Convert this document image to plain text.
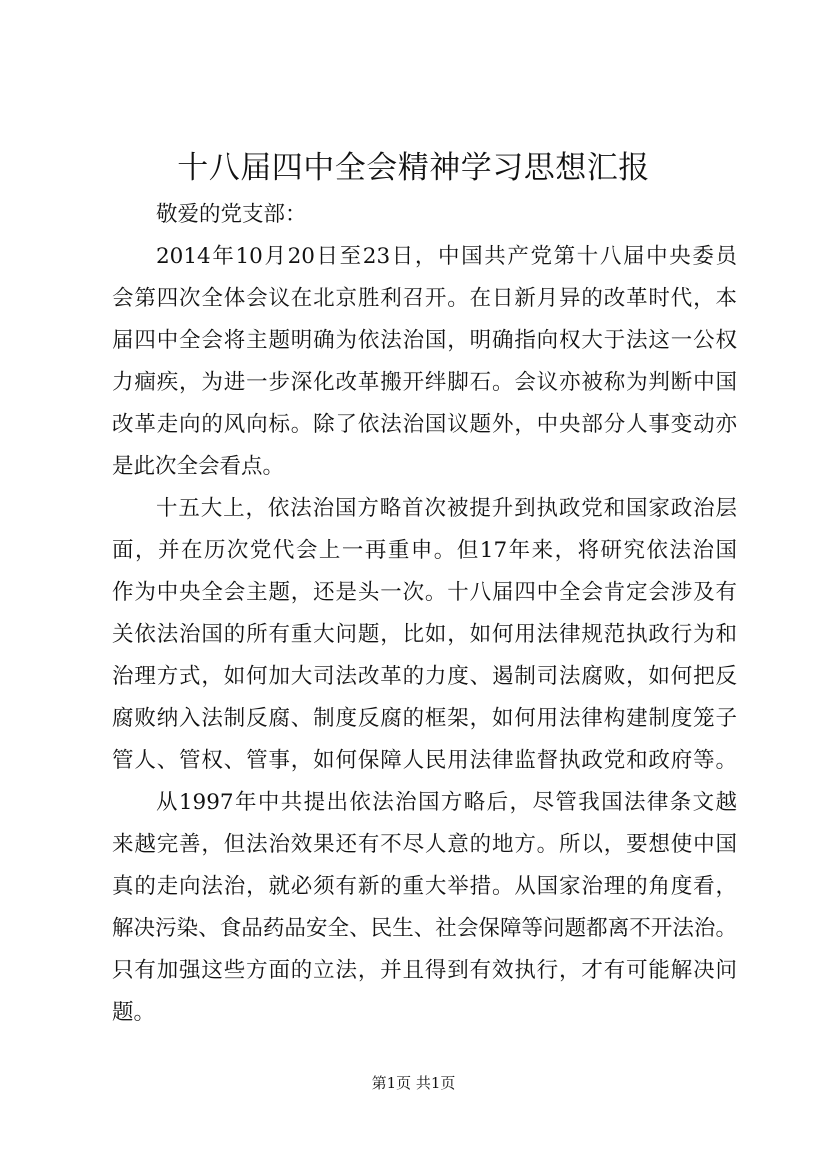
十八届四中全会精神学习思想汇报
敬爱的党支部：
2014年10月20日至23日，中国共产党第十八届中央委员
会第四次全体会议在北京胜利召开。在日新月异的改革时代，本
届四中全会将主题明确为依法治国，明确指向权大于法这一公权
力痼疾，为进一步深化改革搬开绊脚石。会议亦被称为判断中国
改革走向的风向标。除了依法治国议题外，中央部分人事变动亦
是此次全会看点。
十五大上，依法治国方略首次被提升到执政党和国家政治层
面，并在历次党代会上一再重申。但17年来，将研究依法治国
作为中央全会主题，还是头一次。十八届四中全会肯定会涉及有
关依法治国的所有重大问题，比如，如何用法律规范执政行为和
治理方式，如何加大司法改革的力度、遏制司法腐败，如何把反
腐败纳入法制反腐、制度反腐的框架，如何用法律构建制度笼子
管人、管权、管事，如何保障人民用法律监督执政党和政府等。
从1997年中共提出依法治国方略后，尽管我国法律条文越
来越完善，但法治效果还有不尽人意的地方。所以，要想使中国
真的走向法治，就必须有新的重大举措。从国家治理的角度看，
解决污染、食品药品安全、民生、社会保障等问题都离不开法治。
只有加强这些方面的立法，并且得到有效执行，才有可能解决问
题。
第1页 共1页
